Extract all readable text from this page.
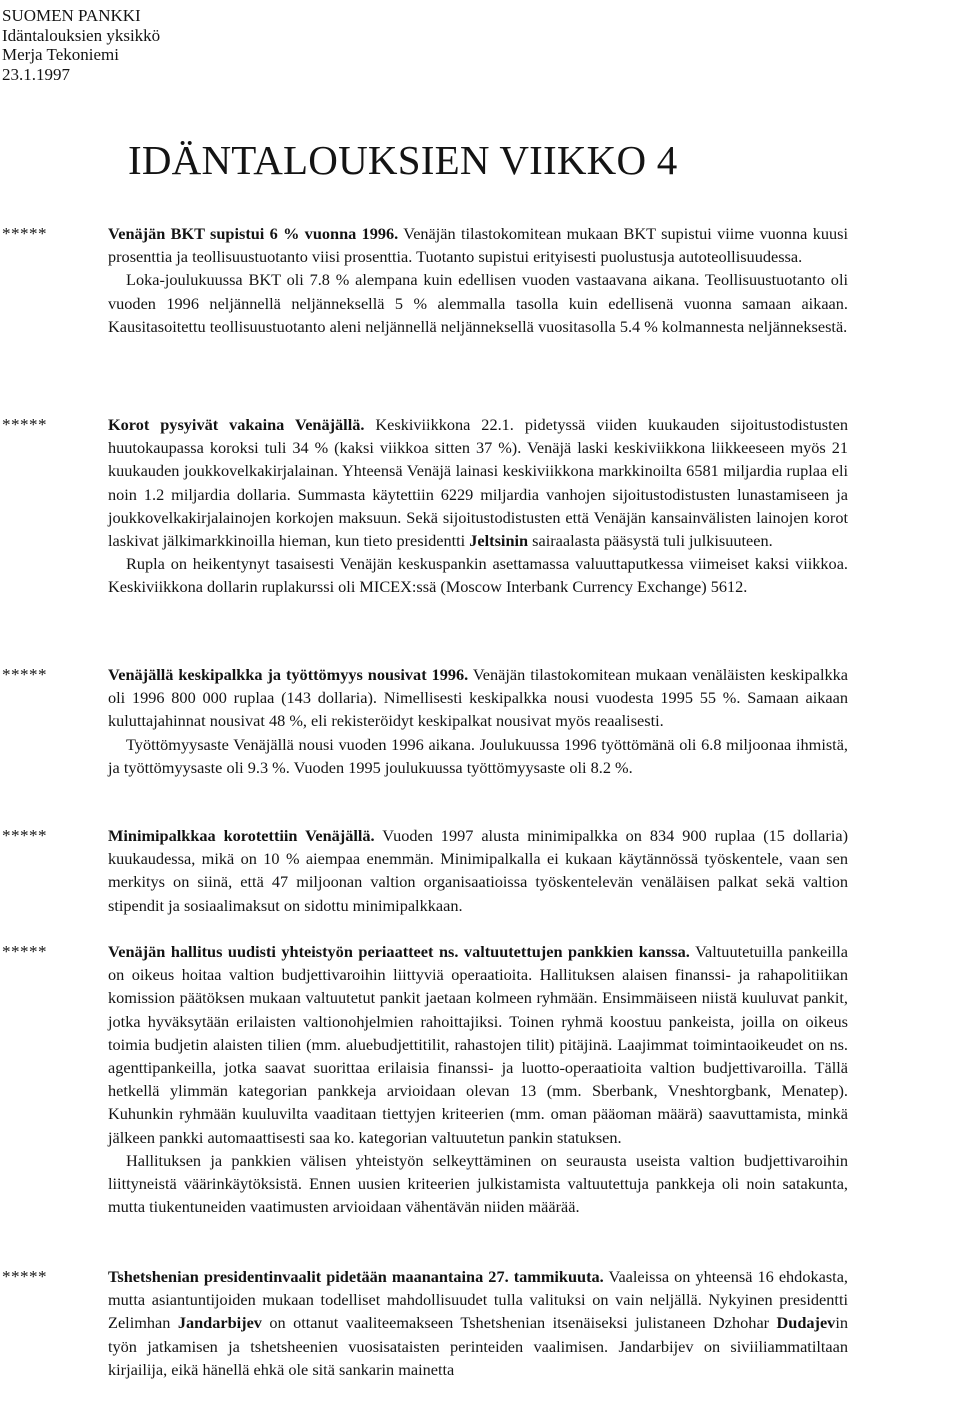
SUOMEN PANKKI
Idäntalouksien yksikkö
Merja Tekoniemi
23.1.1997
IDÄNTALOUKSIEN VIIKKO 4
*****	Venäjän BKT supistui 6 % vuonna 1996. Venäjän tilastokomitean mukaan BKT supistui viime vuonna kuusi prosenttia ja teollisuustuotanto viisi prosenttia. Tuotanto supistui erityisesti puolustusja autoteollisuudessa.

Loka-joulukuussa BKT oli 7.8 % alempana kuin edellisen vuoden vastaavana aikana. Teollisuustuotanto oli vuoden 1996 neljännellä neljänneksellä 5 % alemmalla tasolla kuin edellisenä vuonna samaan aikaan. Kausitasoitettu teollisuustuotanto aleni neljännellä neljänneksellä vuositasolla 5.4 % kolmannesta neljänneksestä.

*****	Korot pysyivät vakaina Venäjällä. Keskiviikkona 22.1. pidetyssä viiden kuukauden sijoitustodistusten huutokaupassa koroksi tuli 34 % (kaksi viikkoa sitten 37 %). Venäjä laski keskiviikkona liikkeeseen myös 21 kuukauden joukkovelkakirjalainan. Yhteensä Venäjä lainasi keskiviikkona markkinoilta 6581 miljardia ruplaa eli noin 1.2 miljardia dollaria. Summasta käytettiin 6229 miljardia vanhojen sijoitustodistusten lunastamiseen ja joukkovelkakirjalainojen korkojen maksuun. Sekä sijoitustodistusten että Venäjän kansainvälisten lainojen korot laskivat jälkimarkkinoilla hieman, kun tieto presidentti Jeltsinin sairaalasta pääsystä tuli julkisuuteen.

Rupla on heikentynyt tasaisesti Venäjän keskuspankin asettamassa valuuttaputkessa viimeiset kaksi viikkoa. Keskiviikkona dollarin ruplakurssi oli MICEX:ssä (Moscow Interbank Currency Exchange) 5612.

*****	Venäjällä keskipalkka ja työttömyys nousivat 1996. Venäjän tilastokomitean mukaan venäläisten keskipalkka oli 1996 800 000 ruplaa (143 dollaria). Nimellisesti keskipalkka nousi vuodesta 1995 55 %. Samaan aikaan kuluttajahinnat nousivat 48 %, eli rekisteröidyt keskipalkat nousivat myös reaalisesti.

Työttömyysaste Venäjällä nousi vuoden 1996 aikana. Joulukuussa 1996 työttömänä oli 6.8 miljoonaa ihmistä, ja työttömyysaste oli 9.3 %. Vuoden 1995 joulukuussa työttömyysaste oli 8.2 %.

*****	Minimipalkkaa korotettiin Venäjällä. Vuoden 1997 alusta minimipalkka on 834 900 ruplaa (15 dollaria) kuukaudessa, mikä on 10 % aiempaa enemmän. Minimipalkalla ei kukaan käytännössä työskentele, vaan sen merkitys on siinä, että 47 miljoonan valtion organisaatioissa työskentelevän venäläisen palkat sekä valtion stipendit ja sosiaalimaksut on sidottu minimipalkkaan.

*****	Venäjän hallitus uudisti yhteistyön periaatteet ns. valtuutettujen pankkien kanssa. Valtuutetuilla pankeilla on oikeus hoitaa valtion budjettivaroihin liittyviä operaatioita. Hallituksen alaisen finanssi- ja rahapolitiikan komission päätöksen mukaan valtuutetut pankit jaetaan kolmeen ryhmään. Ensimmäiseen niistä kuuluvat pankit, jotka hyväksytään erilaisten valtionohjelmien rahoittajiksi. Toinen ryhmä koostuu pankeista, joilla on oikeus toimia budjetin alaisten tilien (mm. aluebudjettitilit, rahastojen tilit) pitäjinä. Laajimmat toimintaoikeudet on ns. agenttipankeilla, jotka saavat suorittaa erilaisia finanssi- ja luotto-operaatioita valtion budjettivaroilla. Tällä hetkellä ylimmän kategorian pankkeja arvioidaan olevan 13 (mm. Sberbank, Vneshtorgbank, Menatep). Kuhunkin ryhmään kuuluvilta vaaditaan tiettyjen kriteerien (mm. oman pääoman määrä) saavuttamista, minkä jälkeen pankki automaattisesti saa ko. kategorian valtuutetun pankin statuksen.

Hallituksen ja pankkien välisen yhteistyön selkeyttäminen on seurausta useista valtion budjettivaroihin liittyneistä väärinkäytöksistä. Ennen uusien kriteerien julkistamista valtuutettuja pankkeja oli noin satakunta, mutta tiukentuneiden vaatimusten arvioidaan vähentävän niiden määrää.

*****	Tshetshenian presidentinvaalit pidetään maanantaina 27. tammikuuta. Vaaleissa on yhteensä 16 ehdokasta, mutta asiantuntijoiden mukaan todelliset mahdollisuudet tulla valituksi on vain neljällä. Nykyinen presidentti Zelimhan Jandarbijev on ottanut vaaliteemakseen Tshetshenian itsenäiseksi julistaneen Dzhohar Dudajevin työn jatkamisen ja tshetsheenien vuosisataisten perinteiden vaalimisen. Jandarbijev on siviiliammatiltaan kirjailija, eikä hänellä ehkä ole sitä sankarin mainetta
